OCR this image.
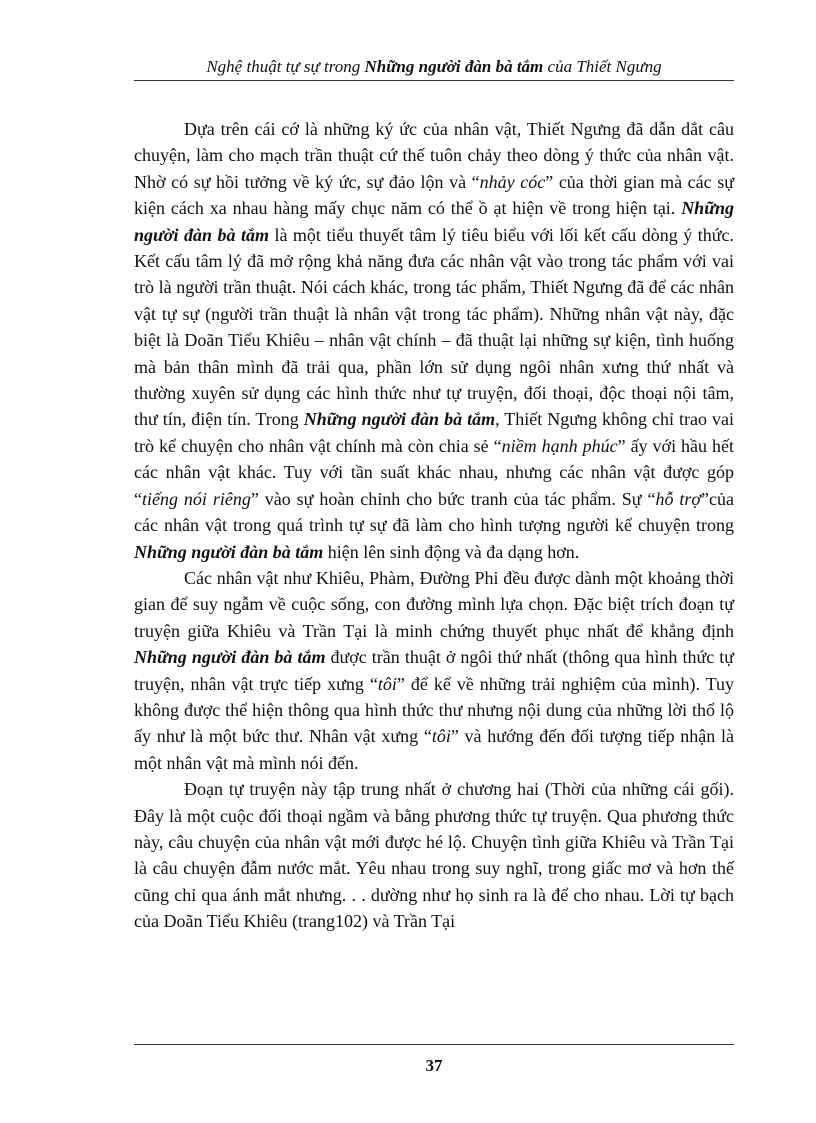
Nghệ thuật tự sự trong Những người đàn bà tắm của Thiết Ngưng

Dựa trên cái cớ là những ký ức của nhân vật, Thiết Ngưng đã dẫn dắt câu chuyện, làm cho mạch trần thuật cứ thế tuôn chảy theo dòng ý thức của nhân vật. Nhờ có sự hồi tưởng về ký ức, sự đảo lộn và “nhảy cóc” của thời gian mà các sự kiện cách xa nhau hàng mấy chục năm có thể ồ ạt hiện về trong hiện tại. Những người đàn bà tắm là một tiểu thuyết tâm lý tiêu biểu với lối kết cấu dòng ý thức. Kết cấu tâm lý đã mở rộng khả năng đưa các nhân vật vào trong tác phẩm với vai trò là người trần thuật. Nói cách khác, trong tác phẩm, Thiết Ngưng đã để các nhân vật tự sự (người trần thuật là nhân vật trong tác phẩm). Những nhân vật này, đặc biệt là Doãn Tiểu Khiêu – nhân vật chính – đã thuật lại những sự kiện, tình huống mà bản thân mình đã trải qua, phần lớn sử dụng ngôi nhân xưng thứ nhất và thường xuyên sử dụng các hình thức như tự truyện, đối thoại, độc thoại nội tâm, thư tín, điện tín. Trong Những người đàn bà tắm, Thiết Ngưng không chỉ trao vai trò kể chuyện cho nhân vật chính mà còn chia sẻ “niềm hạnh phúc” ấy với hầu hết các nhân vật khác. Tuy với tần suất khác nhau, nhưng các nhân vật được góp “tiếng nói riêng” vào sự hoàn chỉnh cho bức tranh của tác phẩm. Sự “hỗ trợ”của các nhân vật trong quá trình tự sự đã làm cho hình tượng người kể chuyện trong Những người đàn bà tắm hiện lên sinh động và đa dạng hơn.

Các nhân vật như Khiêu, Phàm, Đường Phi đều được dành một khoảng thời gian để suy ngẫm về cuộc sống, con đường mình lựa chọn. Đặc biệt trích đoạn tự truyện giữa Khiêu và Trần Tại là minh chứng thuyết phục nhất để khẳng định Những người đàn bà tắm được trần thuật ở ngôi thứ nhất (thông qua hình thức tự truyện, nhân vật trực tiếp xưng “tôi” để kể về những trải nghiệm của mình). Tuy không được thể hiện thông qua hình thức thư nhưng nội dung của những lời thổ lộ ấy như là một bức thư. Nhân vật xưng “tôi” và hướng đến đối tượng tiếp nhận là một nhân vật mà mình nói đến.

Đoạn tự truyện này tập trung nhất ở chương hai (Thời của những cái gối). Đây là một cuộc đối thoại ngầm và bằng phương thức tự truyện. Qua phương thức này, câu chuyện của nhân vật mới được hé lộ. Chuyện tình giữa Khiêu và Trần Tại là câu chuyện đẫm nước mắt. Yêu nhau trong suy nghĩ, trong giấc mơ và hơn thế cũng chỉ qua ánh mắt nhưng. . . dường như họ sinh ra là để cho nhau. Lời tự bạch của Doãn Tiểu Khiêu (trang102) và Trần Tại

37
